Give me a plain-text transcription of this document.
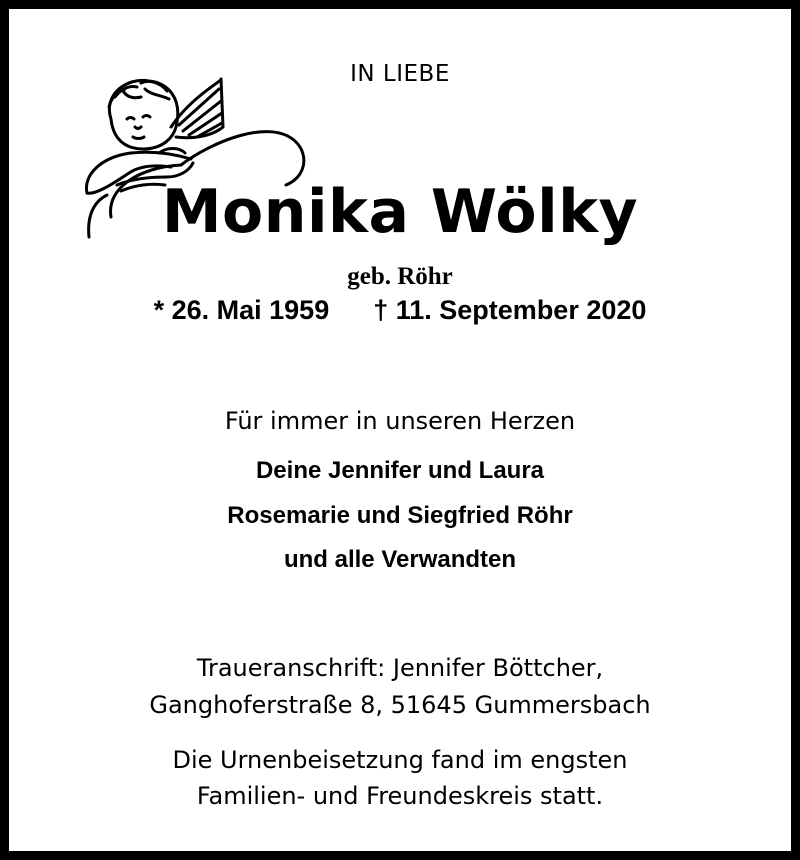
IN LIEBE

Monika Wölky

geb. Röhr

* 26. Mai 1959 † 11. September 2020

Für immer in unseren Herzen

Deine Jennifer und Laura

Rosemarie und Siegfried Röhr

und alle Verwandten

Traueranschrift: Jennifer Böttcher,

Ganghoferstraße 8, 51645 Gummersbach

Die Urnenbeisetzung fand im engsten

Familien- und Freundeskreis statt.
